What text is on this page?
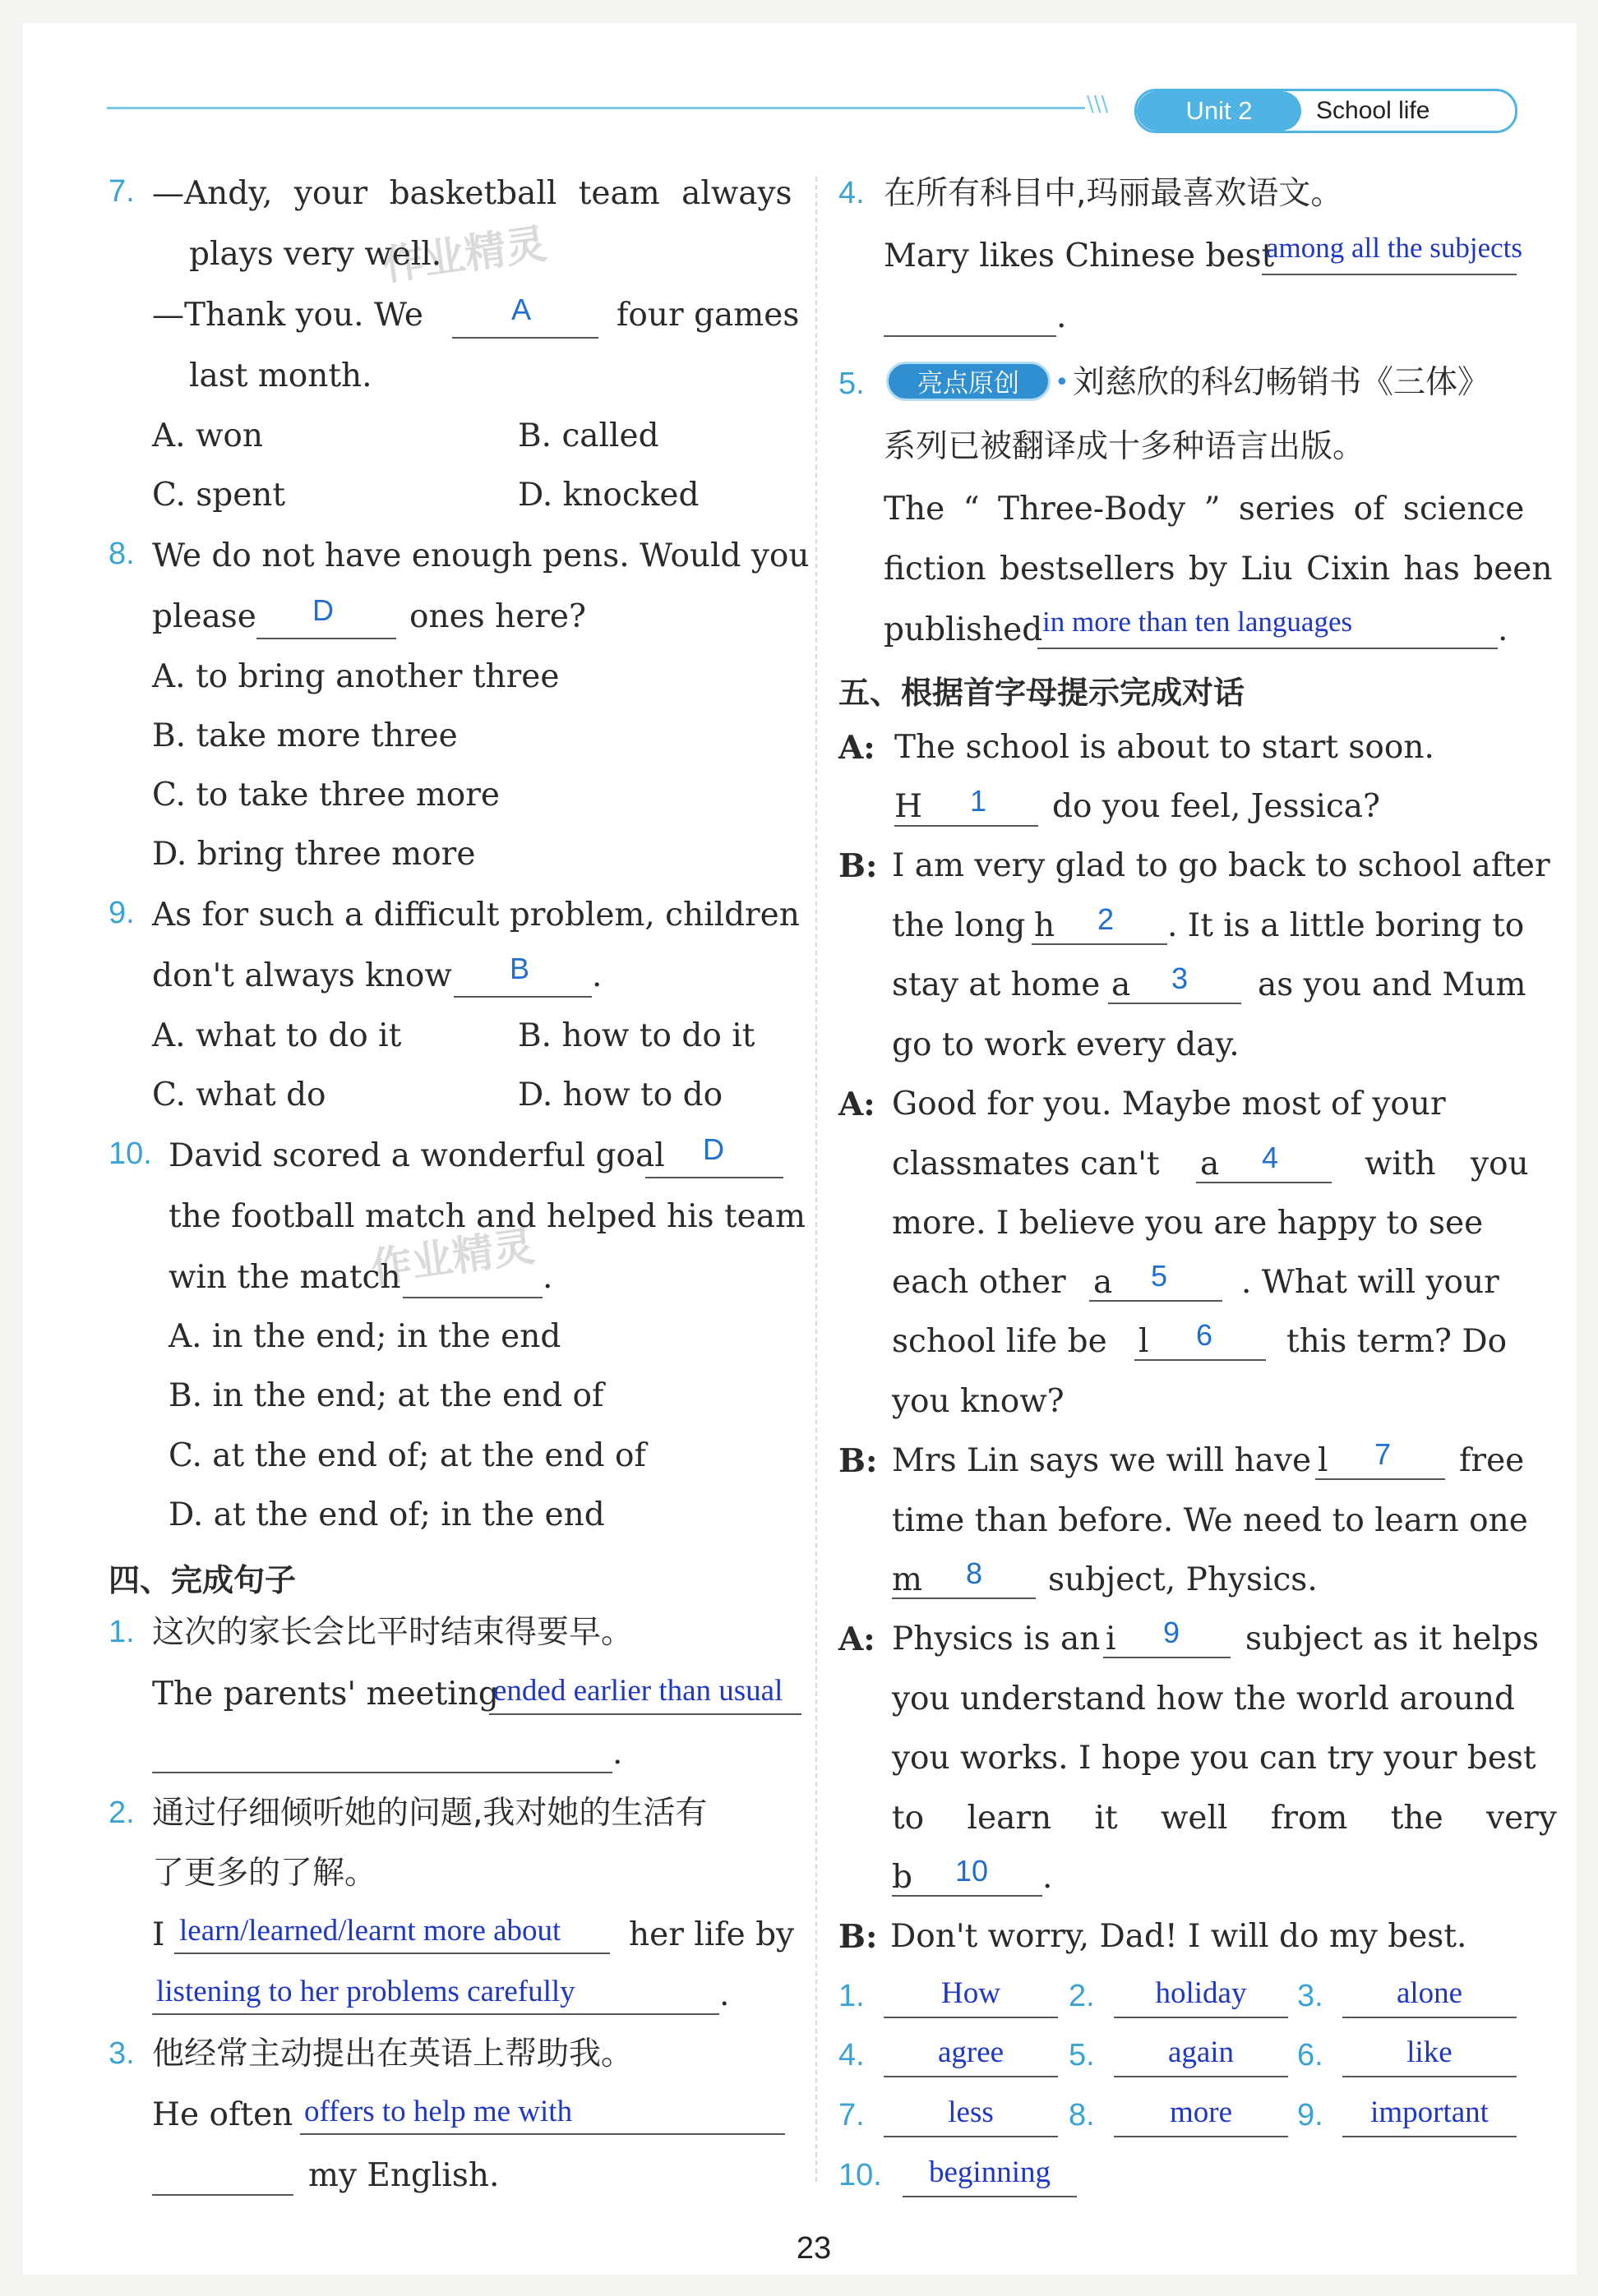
\\\	Unit 2	School life
作业精灵
作业精灵
7. —Andy, your basketball team always
plays very well.
—Thank you. We	A	four games
last month.
A. won	B. called
C. spent	D. knocked
8. We do not have enough pens. Would you
please D ones here?
A. to bring another three
B. take more three
C. to take three more
D. bring three more
9. As for such a difficult problem, children
don't always know B .
A. what to do it	B. how to do it
C. what do	D. how to do
10. David scored a wonderful goal D
the football match and helped his team
win the match	.
A. in the end; in the end
B. in the end; at the end of
C. at the end of; at the end of
D. at the end of; in the end
四、完成句子
1. 这次的家长会比平时结束得要早。
The parents' meeting
ended earlier than usual
.
2. 通过仔细倾听她的问题,我对她的生活有
了更多的了解。
I learn/learned/learnt more about her life by
listening to her problems carefully	.
3. 他经常主动提出在英语上帮助我。
He often offers to help me with
my English.
4. 在所有科目中,玛丽最喜欢语文。
Mary likes Chinese best
among all the subjects
.
5.	亮点原创	• 刘慈欣的科幻畅销书《三体》
系列已被翻译成十多种语言出版。
The “ Three-Body ” series of science
fiction bestsellers by Liu Cixin has been
published in more than ten languages	.
五、根据首字母提示完成对话
A: The school is about to start soon.
H 1 do you feel, Jessica?
B: I am very glad to go back to school after
the long h 2 . It is a little boring to
stay at home a 3 as you and Mum
go to work every day.
A: Good for you. Maybe most of your
classmates can't a 4	with you
more. I believe you are happy to see
each other a 5 . What will your
school life be l 6 this term? Do
you know?
B: Mrs Lin says we will have l 7 free
time than before. We need to learn one
m 8 subject, Physics.
A: Physics is an i 9 subject as it helps
you understand how the world around
you works. I hope you can try your best
to learn it well from the very
b 10 .
B: Don't worry, Dad! I will do my best.
1.	How	2.	holiday	3.	alone
4.	agree	5.	again	6.	like
7.	less	8.	more	9.	important
10.	beginning
23
